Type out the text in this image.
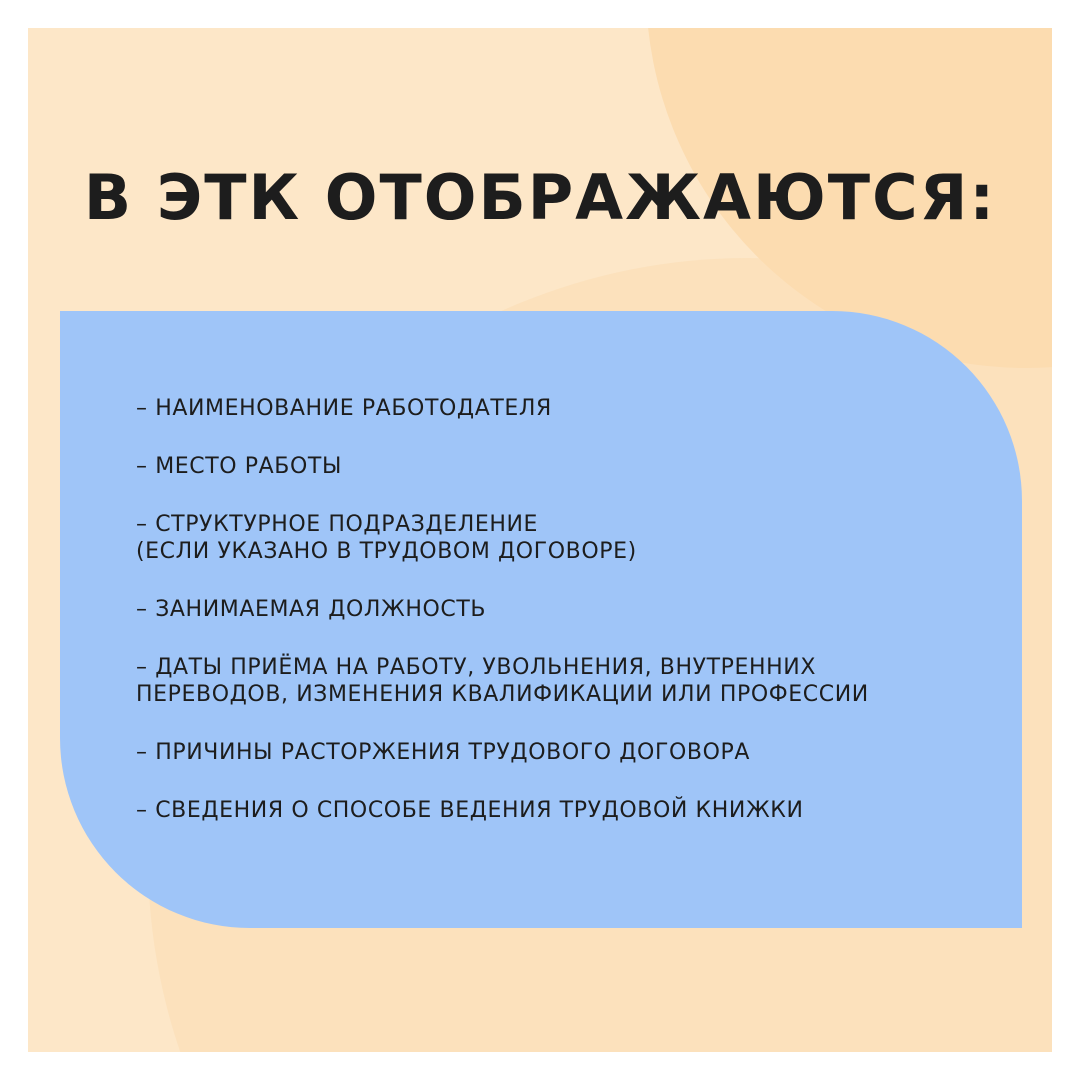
В ЭТК ОТОБРАЖАЮТСЯ:
– НАИМЕНОВАНИЕ РАБОТОДАТЕЛЯ
– МЕСТО РАБОТЫ
– СТРУКТУРНОЕ ПОДРАЗДЕЛЕНИЕ
(ЕСЛИ УКАЗАНО В ТРУДОВОМ ДОГОВОРЕ)
– ЗАНИМАЕМАЯ ДОЛЖНОСТЬ
– ДАТЫ ПРИЁМА НА РАБОТУ, УВОЛЬНЕНИЯ, ВНУТРЕННИХ
ПЕРЕВОДОВ, ИЗМЕНЕНИЯ КВАЛИФИКАЦИИ ИЛИ ПРОФЕССИИ
– ПРИЧИНЫ РАСТОРЖЕНИЯ ТРУДОВОГО ДОГОВОРА
– СВЕДЕНИЯ О СПОСОБЕ ВЕДЕНИЯ ТРУДОВОЙ КНИЖКИ
